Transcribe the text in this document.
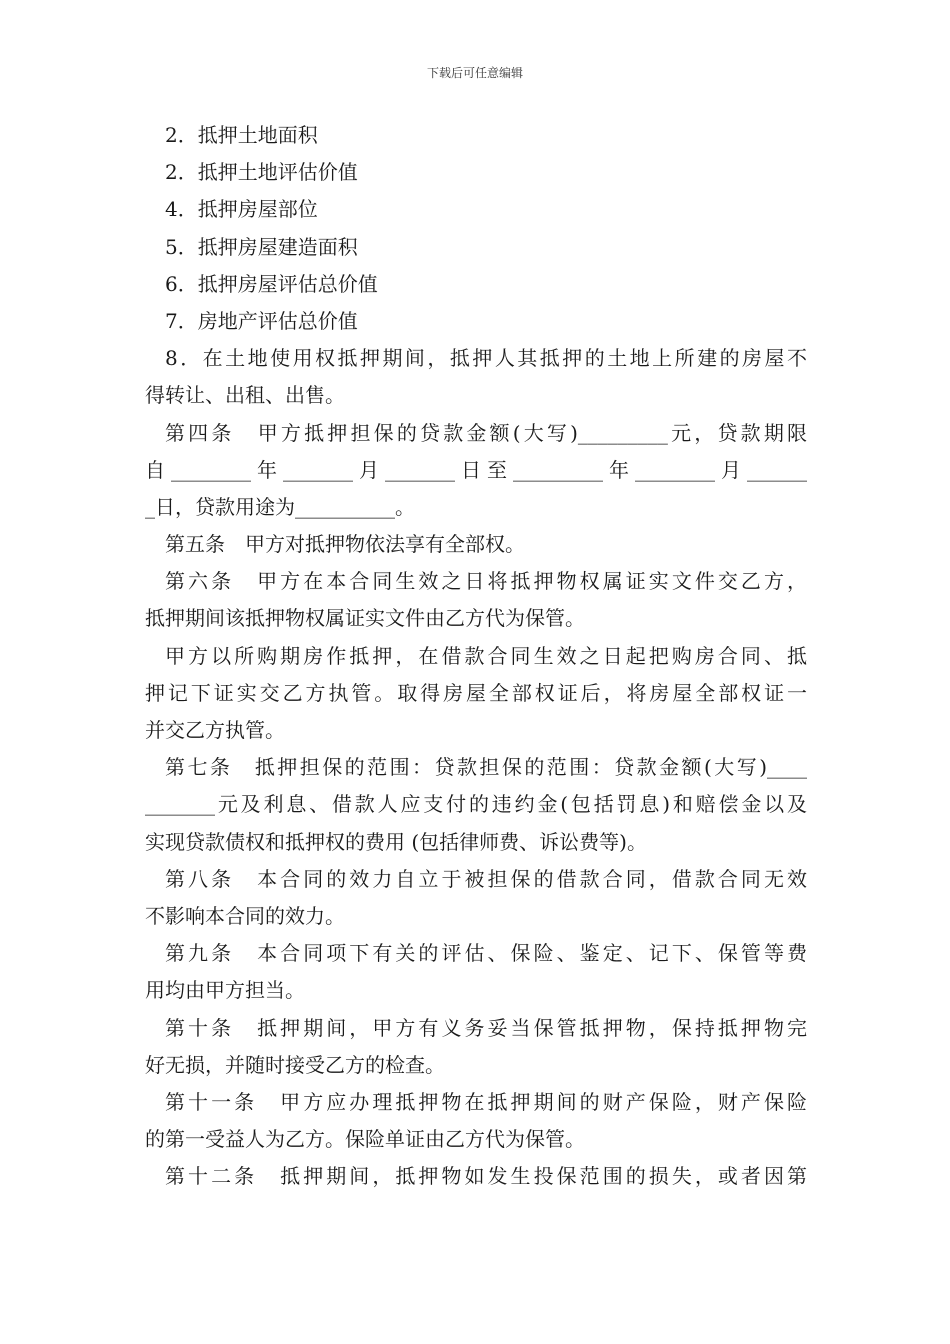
下载后可任意编辑
2．抵押土地面积
2．抵押土地评估价值
4．抵押房屋部位
5．抵押房屋建造面积
6．抵押房屋评估总价值
7．房地产评估总价值
8．在土地使用权抵押期间，抵押人其抵押的土地上所建的房屋不
得转让、出租、出售。
第四条　甲方抵押担保的贷款金额(大写)_________元，贷款期限
自________年_______月_______日至_________年________月______
_日，贷款用途为__________。
第五条　甲方对抵押物依法享有全部权。
第六条　甲方在本合同生效之日将抵押物权属证实文件交乙方，
抵押期间该抵押物权属证实文件由乙方代为保管。
甲方以所购期房作抵押，在借款合同生效之日起把购房合同、抵
押记下证实交乙方执管。取得房屋全部权证后，将房屋全部权证一
并交乙方执管。
第七条　抵押担保的范围：贷款担保的范围：贷款金额(大写)____
_______元及利息、借款人应支付的违约金(包括罚息)和赔偿金以及
实现贷款债权和抵押权的费用 (包括律师费、诉讼费等)。
第八条　本合同的效力自立于被担保的借款合同，借款合同无效
不影响本合同的效力。
第九条　本合同项下有关的评估、保险、鉴定、记下、保管等费
用均由甲方担当。
第十条　抵押期间，甲方有义务妥当保管抵押物，保持抵押物完
好无损，并随时接受乙方的检查。
第十一条　甲方应办理抵押物在抵押期间的财产保险，财产保险
的第一受益人为乙方。保险单证由乙方代为保管。
第十二条　抵押期间，抵押物如发生投保范围的损失，或者因第
